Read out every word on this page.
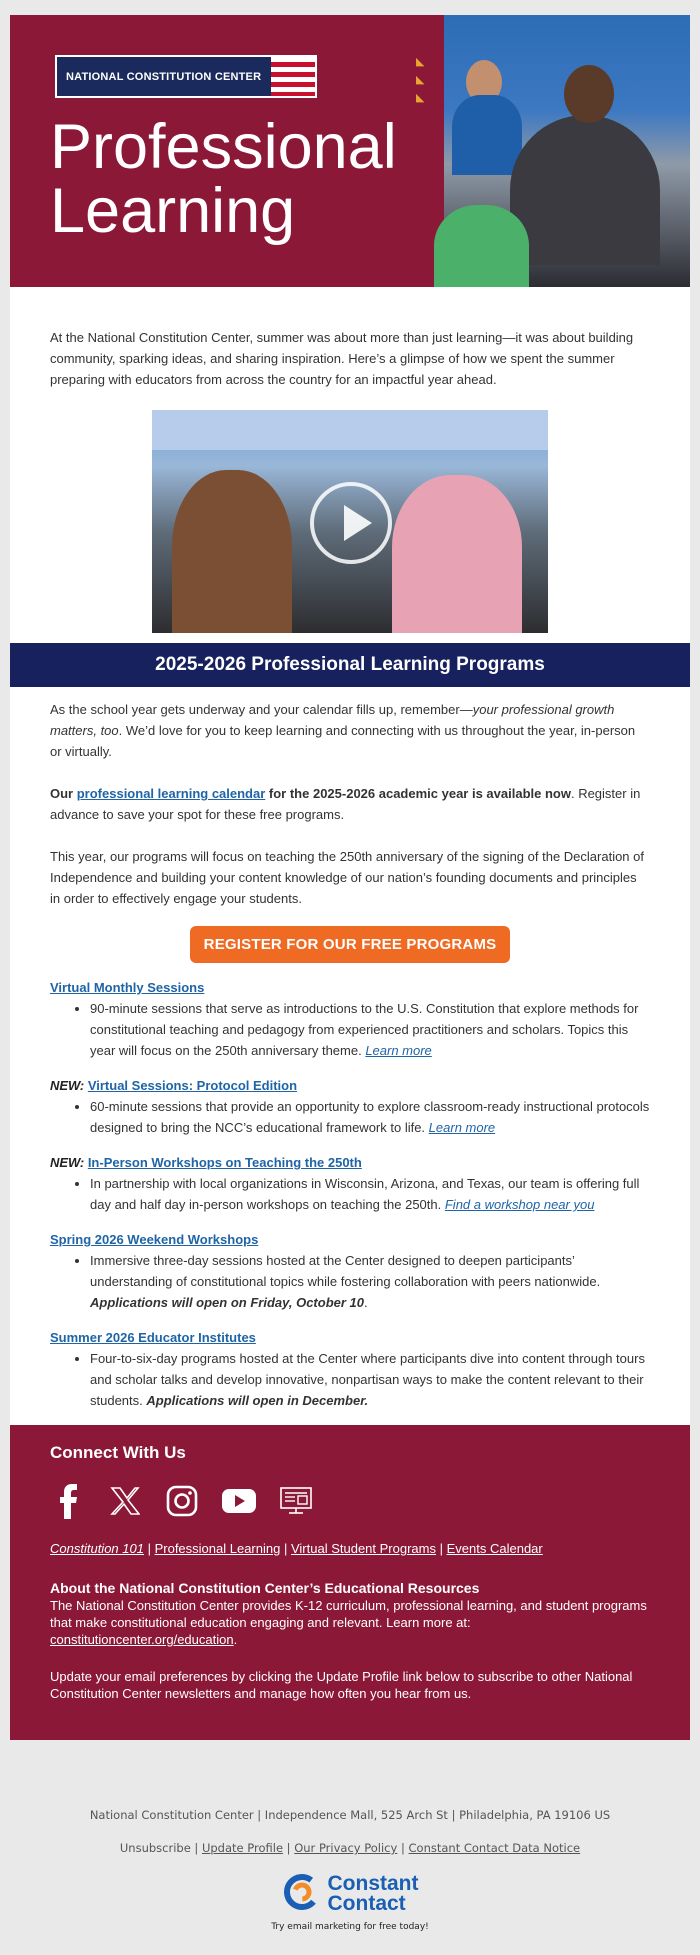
NATIONAL CONSTITUTION CENTER
Professional
Learning
◣
◣
◣

At the National Constitution Center, summer was about more than just learning—it was about building community, sparking ideas, and sharing inspiration. Here’s a glimpse of how we spent the summer preparing with educators from across the country for an impactful year ahead.

2025-2026 Professional Learning Programs

As the school year gets underway and your calendar fills up, remember—your professional growth matters, too. We’d love for you to keep learning and connecting with us throughout the year, in-person or virtually.

Our professional learning calendar for the 2025-2026 academic year is available now. Register in advance to save your spot for these free programs.

This year, our programs will focus on teaching the 250th anniversary of the signing of the Declaration of Independence and building your content knowledge of our nation’s founding documents and principles in order to effectively engage your students.

REGISTER FOR OUR FREE PROGRAMS
Virtual Monthly Sessions
• 90-minute sessions that serve as introductions to the U.S. Constitution that explore methods for constitutional teaching and pedagogy from experienced practitioners and scholars. Topics this year will focus on the 250th anniversary theme. Learn more
NEW: Virtual Sessions: Protocol Edition
• 60-minute sessions that provide an opportunity to explore classroom-ready instructional protocols designed to bring the NCC’s educational framework to life. Learn more
NEW: In-Person Workshops on Teaching the 250th
• In partnership with local organizations in Wisconsin, Arizona, and Texas, our team is offering full day and half day in-person workshops on teaching the 250th. Find a workshop near you
Spring 2026 Weekend Workshops
• Immersive three-day sessions hosted at the Center designed to deepen participants’ understanding of constitutional topics while fostering collaboration with peers nationwide. Applications will open on Friday, October 10.
Summer 2026 Educator Institutes
• Four-to-six-day programs hosted at the Center where participants dive into content through tours and scholar talks and develop innovative, nonpartisan ways to make the content relevant to their students. Applications will open in December.
Connect With Us
Constitution 101 | Professional Learning | Virtual Student Programs | Events Calendar
About the National Constitution Center’s Educational Resources

The National Constitution Center provides K-12 curriculum, professional learning, and student programs that make constitutional education engaging and relevant. Learn more at: constitutioncenter.org/education.

Update your email preferences by clicking the Update Profile link below to subscribe to other National Constitution Center newsletters and manage how often you hear from us.

National Constitution Center | Independence Mall, 525 Arch St | Philadelphia, PA 19106 US
Unsubscribe | Update Profile | Our Privacy Policy | Constant Contact Data Notice
Constant
Contact
Try email marketing for free today!
